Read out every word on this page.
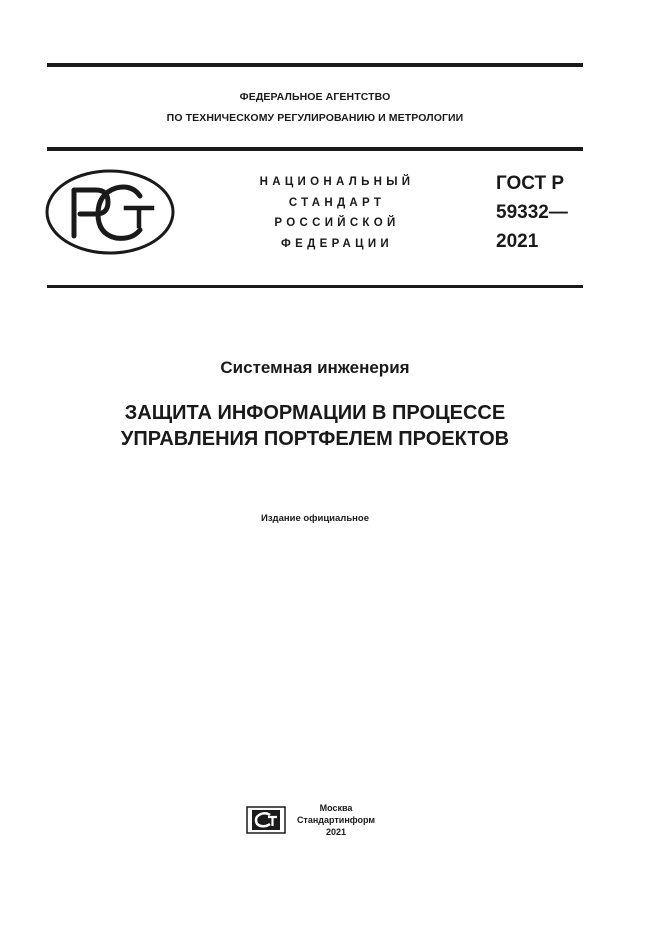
ФЕДЕРАЛЬНОЕ АГЕНТСТВО
ПО ТЕХНИЧЕСКОМУ РЕГУЛИРОВАНИЮ И МЕТРОЛОГИИ
НАЦИОНАЛЬНЫЙ
СТАНДАРТ
РОССИЙСКОЙ
ФЕДЕРАЦИИ
ГОСТ Р
59332—
2021
Системная инженерия
ЗАЩИТА ИНФОРМАЦИИ В ПРОЦЕССЕ
УПРАВЛЕНИЯ ПОРТФЕЛЕМ ПРОЕКТОВ
Издание официальное
Москва
Стандартинформ
2021
